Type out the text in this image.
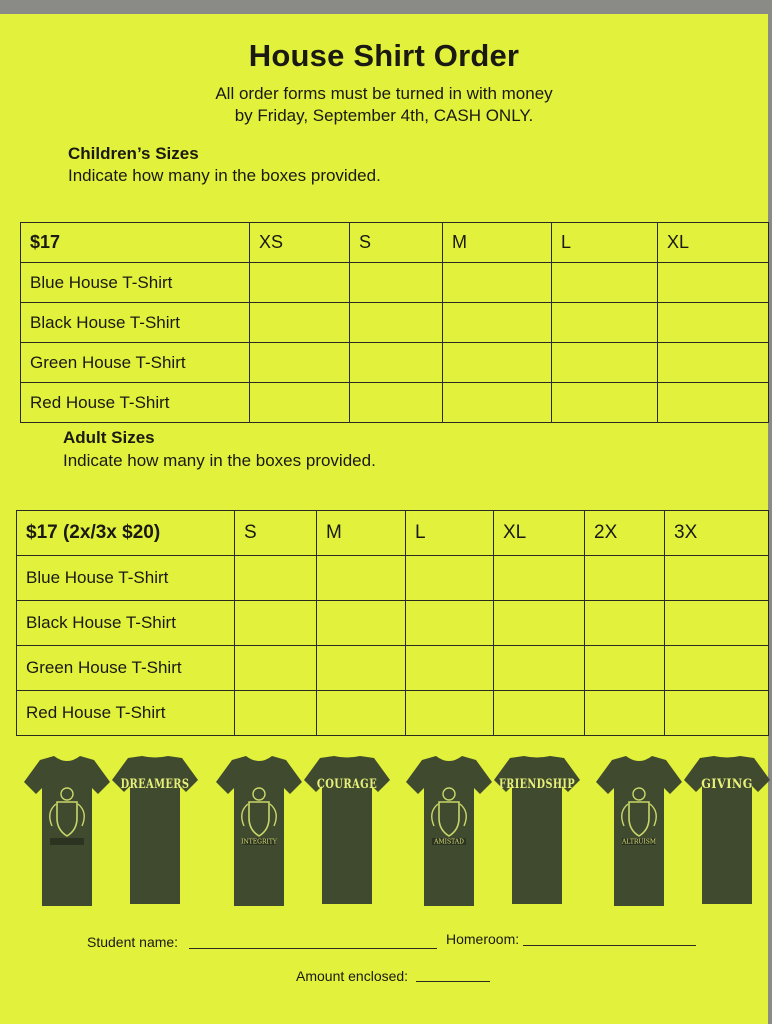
House Shirt Order
All order forms must be turned in with money
by Friday, September 4th, CASH ONLY.
Children’s Sizes
Indicate how many in the boxes provided.
$17	XS	S	M	L	XL
Blue House T-Shirt					
Black House T-Shirt					
Green House T-Shirt					
Red House T-Shirt					
Adult Sizes
Indicate how many in the boxes provided.
$17 (2x/3x $20)	S	M	L	XL	2X	3X
Blue House T-Shirt						
Black House T-Shirt						
Green House T-Shirt						
Red House T-Shirt						
DREAMERS
INTEGRITY
COURAGE
AMISTAD
FRIENDSHIP
ALTRUISM
GIVING
Student name:	Homeroom:
Amount enclosed:
